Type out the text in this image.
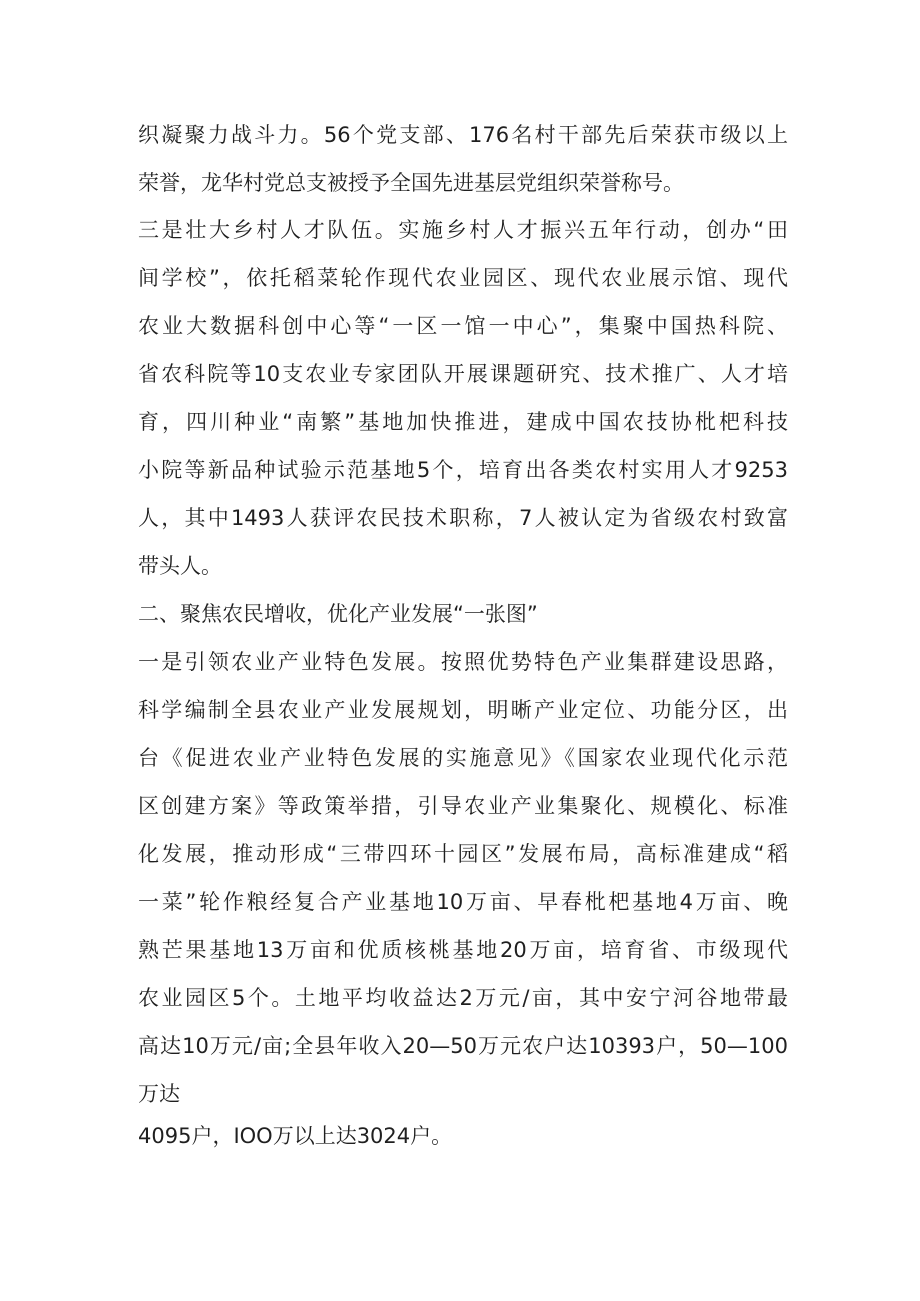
织凝聚力战斗力。56个党支部、176名村干部先后荣获市级以上
荣誉，龙华村党总支被授予全国先进基层党组织荣誉称号。
三是壮大乡村人才队伍。实施乡村人才振兴五年行动，创办“田
间学校”，依托稻菜轮作现代农业园区、现代农业展示馆、现代
农业大数据科创中心等“一区一馆一中心”，集聚中国热科院、
省农科院等10支农业专家团队开展课题研究、技术推广、人才培
育，四川种业“南繁”基地加快推进，建成中国农技协枇杷科技
小院等新品种试验示范基地5个，培育出各类农村实用人才9253
人，其中1493人获评农民技术职称，7人被认定为省级农村致富
带头人。
二、聚焦农民增收，优化产业发展“一张图”
一是引领农业产业特色发展。按照优势特色产业集群建设思路，
科学编制全县农业产业发展规划，明晰产业定位、功能分区，出
台《促进农业产业特色发展的实施意见》《国家农业现代化示范
区创建方案》等政策举措，引导农业产业集聚化、规模化、标准
化发展，推动形成“三带四环十园区”发展布局，高标准建成“稻
一菜”轮作粮经复合产业基地10万亩、早春枇杷基地4万亩、晚
熟芒果基地13万亩和优质核桃基地20万亩，培育省、市级现代
农业园区5个。土地平均收益达2万元/亩，其中安宁河谷地带最
高达10万元/亩;全县年收入20—50万元农户达10393户，50—100
万达
4095户，IOO万以上达3024户。
